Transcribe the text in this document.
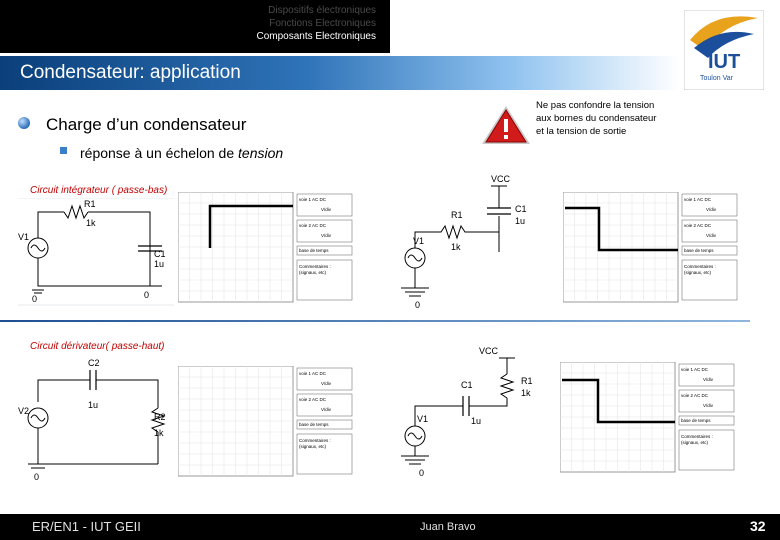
Dispositifs électroniques
Fonctions Electroniques
Composants Electroniques
Condensateur: application	IUT
Toulon Var
Charge d’un condensateur
réponse à un échelon de tension
Ne pas confondre la tension
aux bornes du condensateur
et la tension de sortie
Circuit intégrateur ( passe-bas)
Circuit dérivateur( passe-haut)
R1
1k
V1
C1
1u
0	0
voie 1 AC DC
V/div
voie 2 AC DC
V/div
base de temps
Commentaires :
(signaux, etc)
VCC
C1
1u
R1
1k
V1
0
voie 1 AC DC
V/div
voie 2 AC DC
V/div
base de temps
Commentaires :
(signaux, etc)
C2
1u
R2
1k
V2
0
voie 1 AC DC
V/div
voie 2 AC DC
V/div
base de temps
Commentaires :
(signaux, etc)
VCC
R1
1k
C1
1u
V1
0
voie 1 AC DC
V/div
voie 2 AC DC
V/div
base de temps
Commentaires :
(signaux, etc)
ER/EN1 - IUT GEII	Juan Bravo	32
